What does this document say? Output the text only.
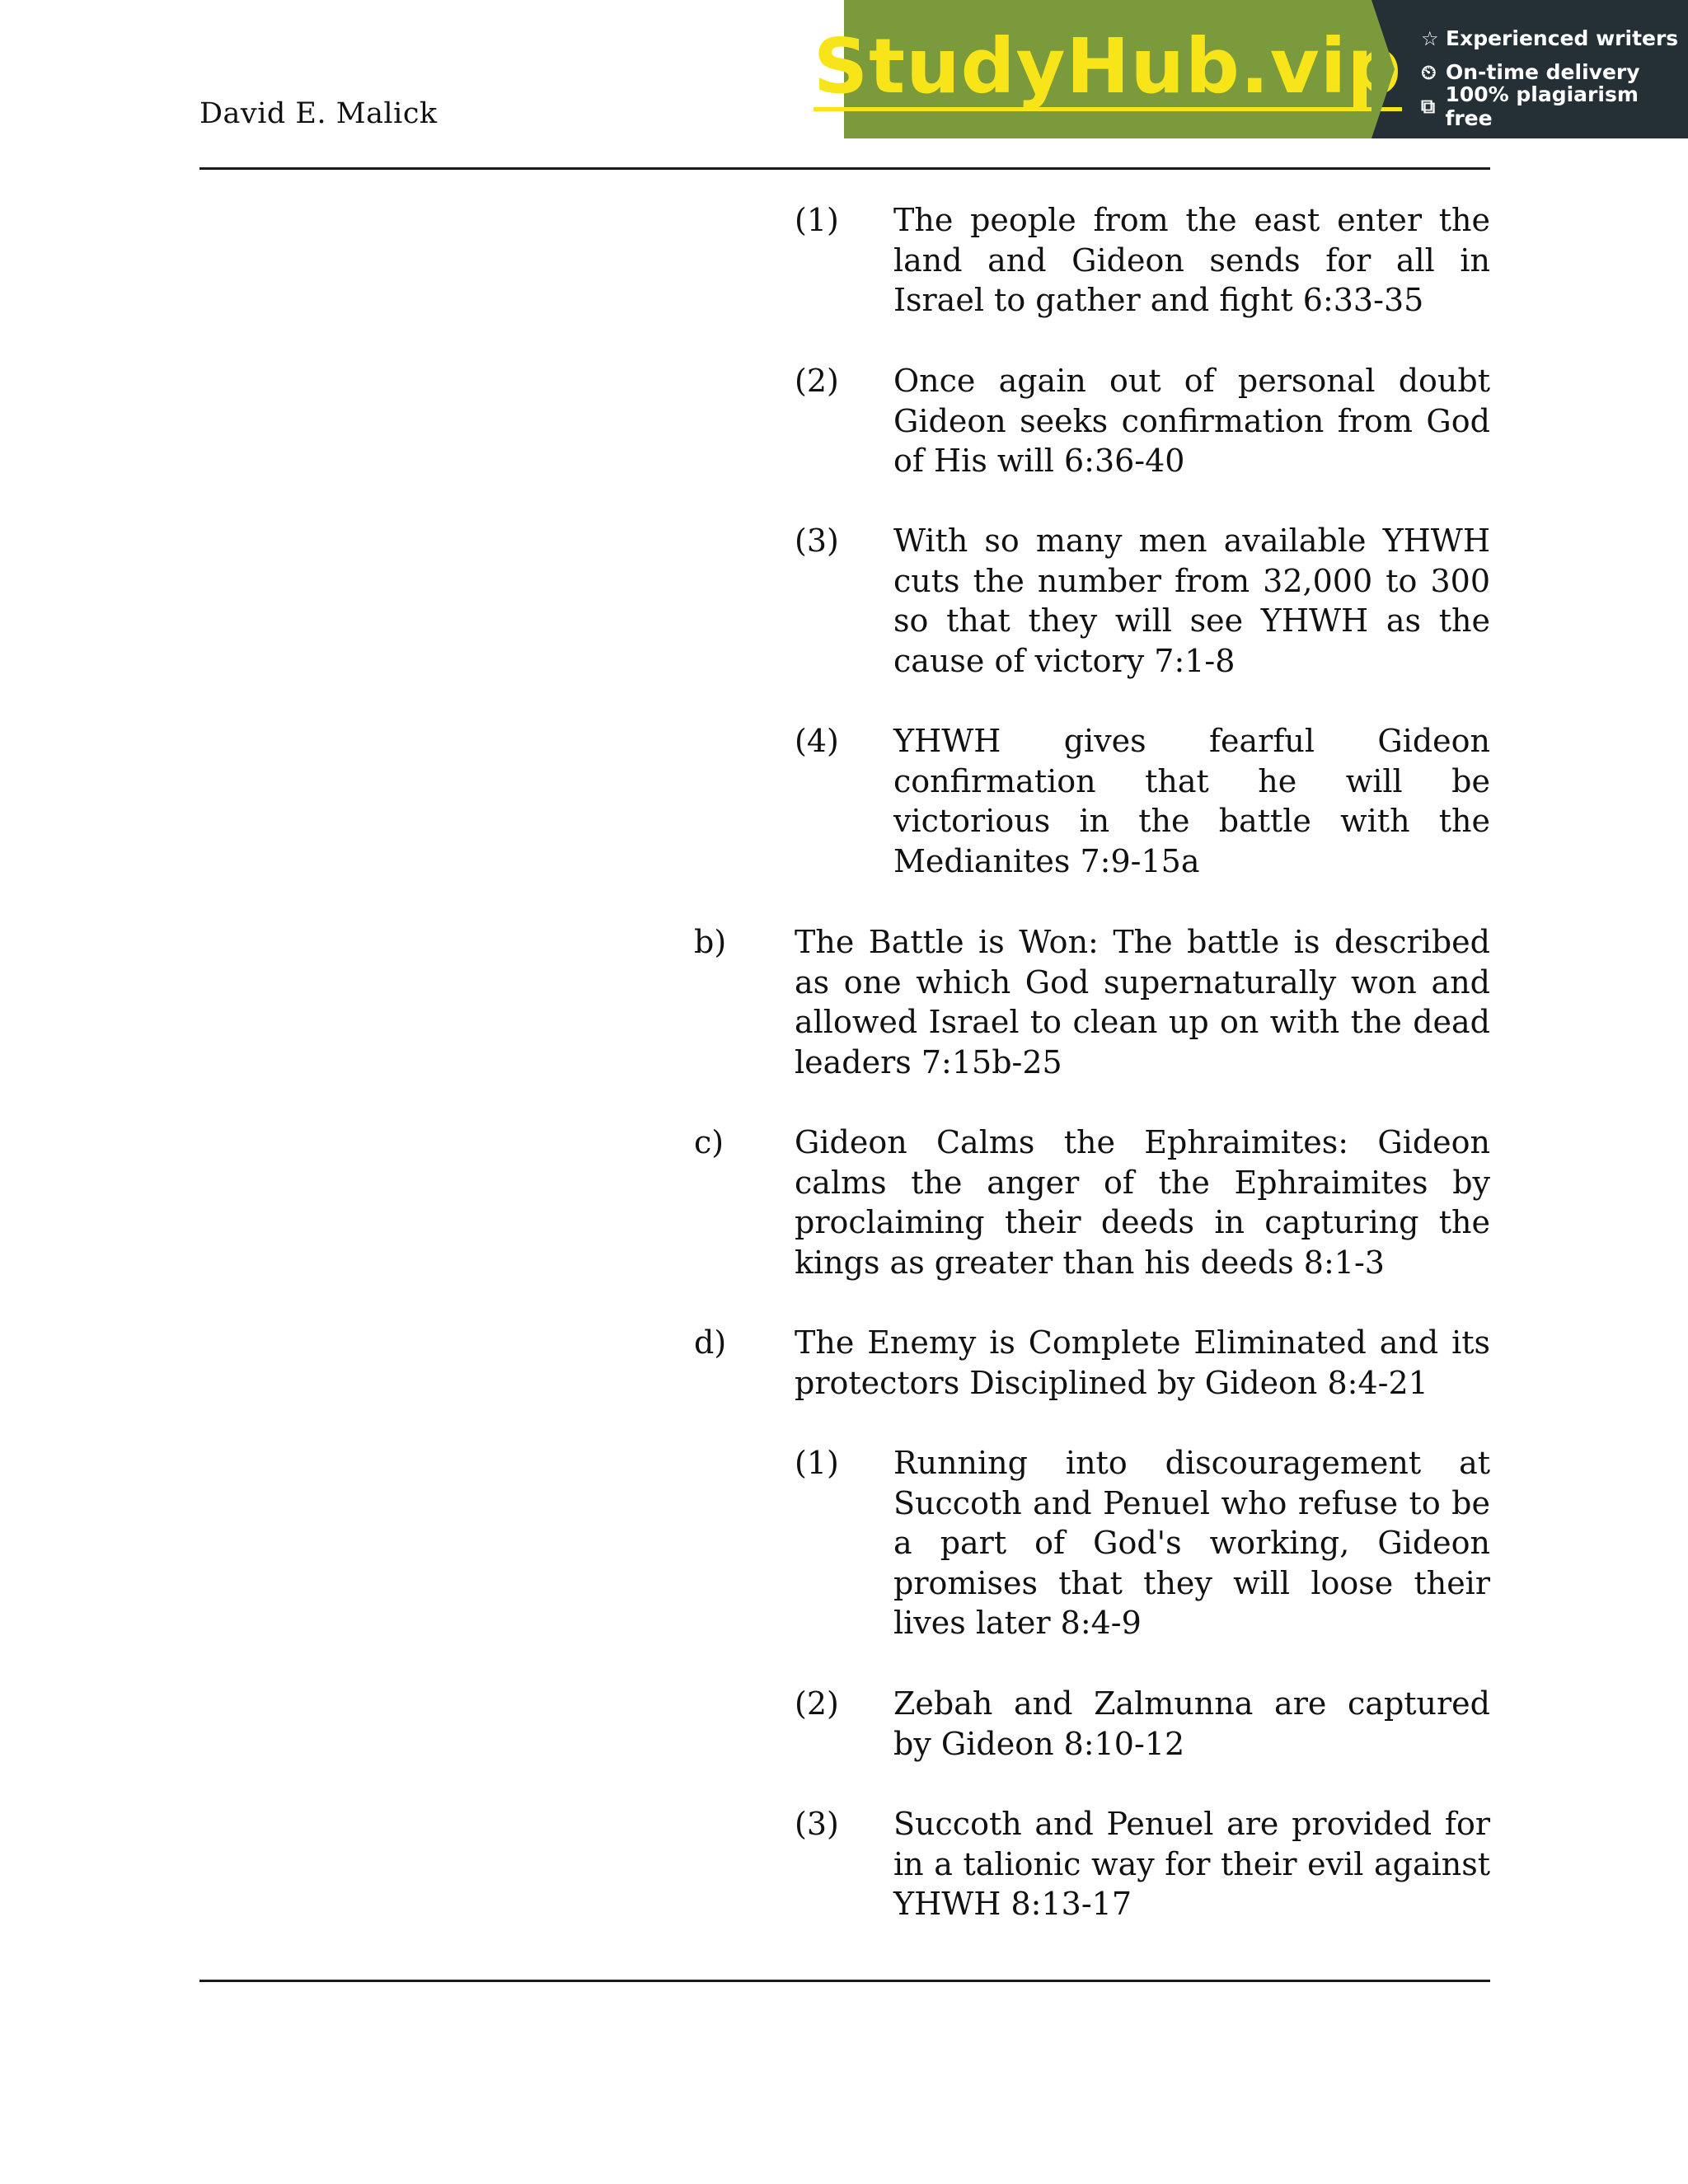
David E. Malick
StudyHub.vip ☆ Experienced writers
⏲ On-time delivery
⧉ 100% plagiarism free
(1) The people from the east enter the land and Gideon sends for all in Israel to gather and fight 6:33-35
(2) Once again out of personal doubt Gideon seeks confirmation from God of His will 6:36-40
(3) With so many men available YHWH cuts the number from 32,000 to 300 so that they will see YHWH as the cause of victory 7:1-8
(4) YHWH gives fearful Gideon confirmation that he will be victorious in the battle with the Medianites 7:9-15a
b) The Battle is Won: The battle is described as one which God supernaturally won and allowed Israel to clean up on with the dead leaders 7:15b-25
c) Gideon Calms the Ephraimites: Gideon calms the anger of the Ephraimites by proclaiming their deeds in capturing the kings as greater than his deeds 8:1-3
d) The Enemy is Complete Eliminated and its protectors Disciplined by Gideon 8:4-21
(1) Running into discouragement at Succoth and Penuel who refuse to be a part of God's working, Gideon promises that they will loose their lives later 8:4-9
(2) Zebah and Zalmunna are captured by Gideon 8:10-12
(3) Succoth and Penuel are provided for in a talionic way for their evil against YHWH 8:13-17
